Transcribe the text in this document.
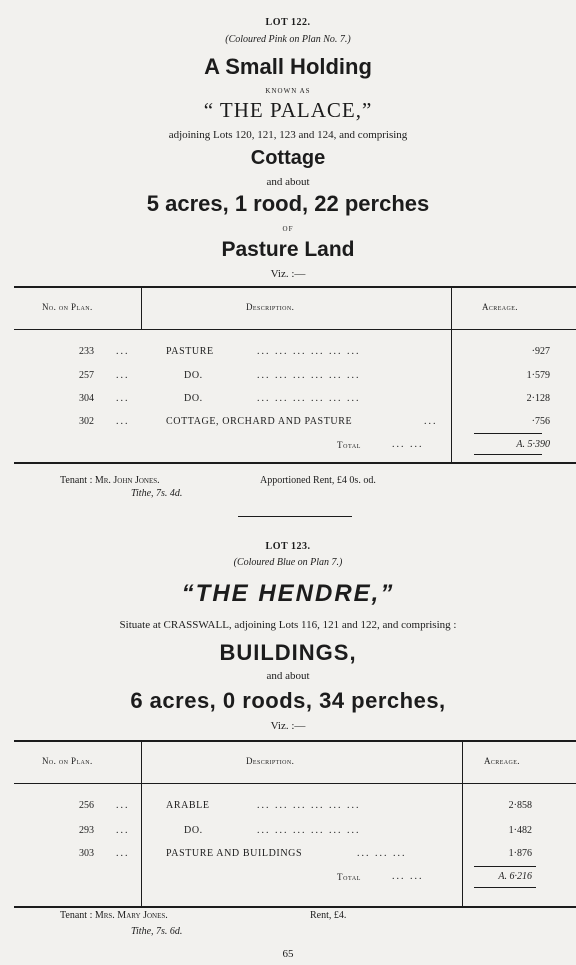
LOT 122.
(Coloured Pink on Plan No. 7.)
A Small Holding
KNOWN AS
“ THE PALACE,”
adjoining Lots 120, 121, 123 and 124, and comprising
Cottage
and about
5 acres, 1 rood, 22 perches
OF
Pasture Land
Viz. :—
No. on Plan.	Description.	Acreage.
233 ...	PASTURE	... ... ... ... ... ...	·927
257 ...	DO.	... ... ... ... ... ...	1·579
304 ...	DO.	... ... ... ... ... ...	2·128
302 ...	COTTAGE, ORCHARD AND PASTURE	...	·756
Total	... ...	A. 5·390
Tenant : Mr. John Jones.
Tithe, 7s. 4d.
Apportioned Rent, £4 0s. od.
LOT 123.
(Coloured Blue on Plan 7.)
“THE HENDRE,”
Situate at CRASSWALL, adjoining Lots 116, 121 and 122, and comprising :
BUILDINGS,
and about
6 acres, 0 roods, 34 perches,
Viz. :—
No. on Plan.	Description.	Acreage.
256 ...	ARABLE	... ... ... ... ... ...	2·858
293 ...	DO.	... ... ... ... ... ...	1·482
303 ...	PASTURE AND BUILDINGS	... ... ...	1·876
Total	... ...	A. 6·216
Tenant : Mrs. Mary Jones.
Tithe, 7s. 6d.
Rent, £4.
65
